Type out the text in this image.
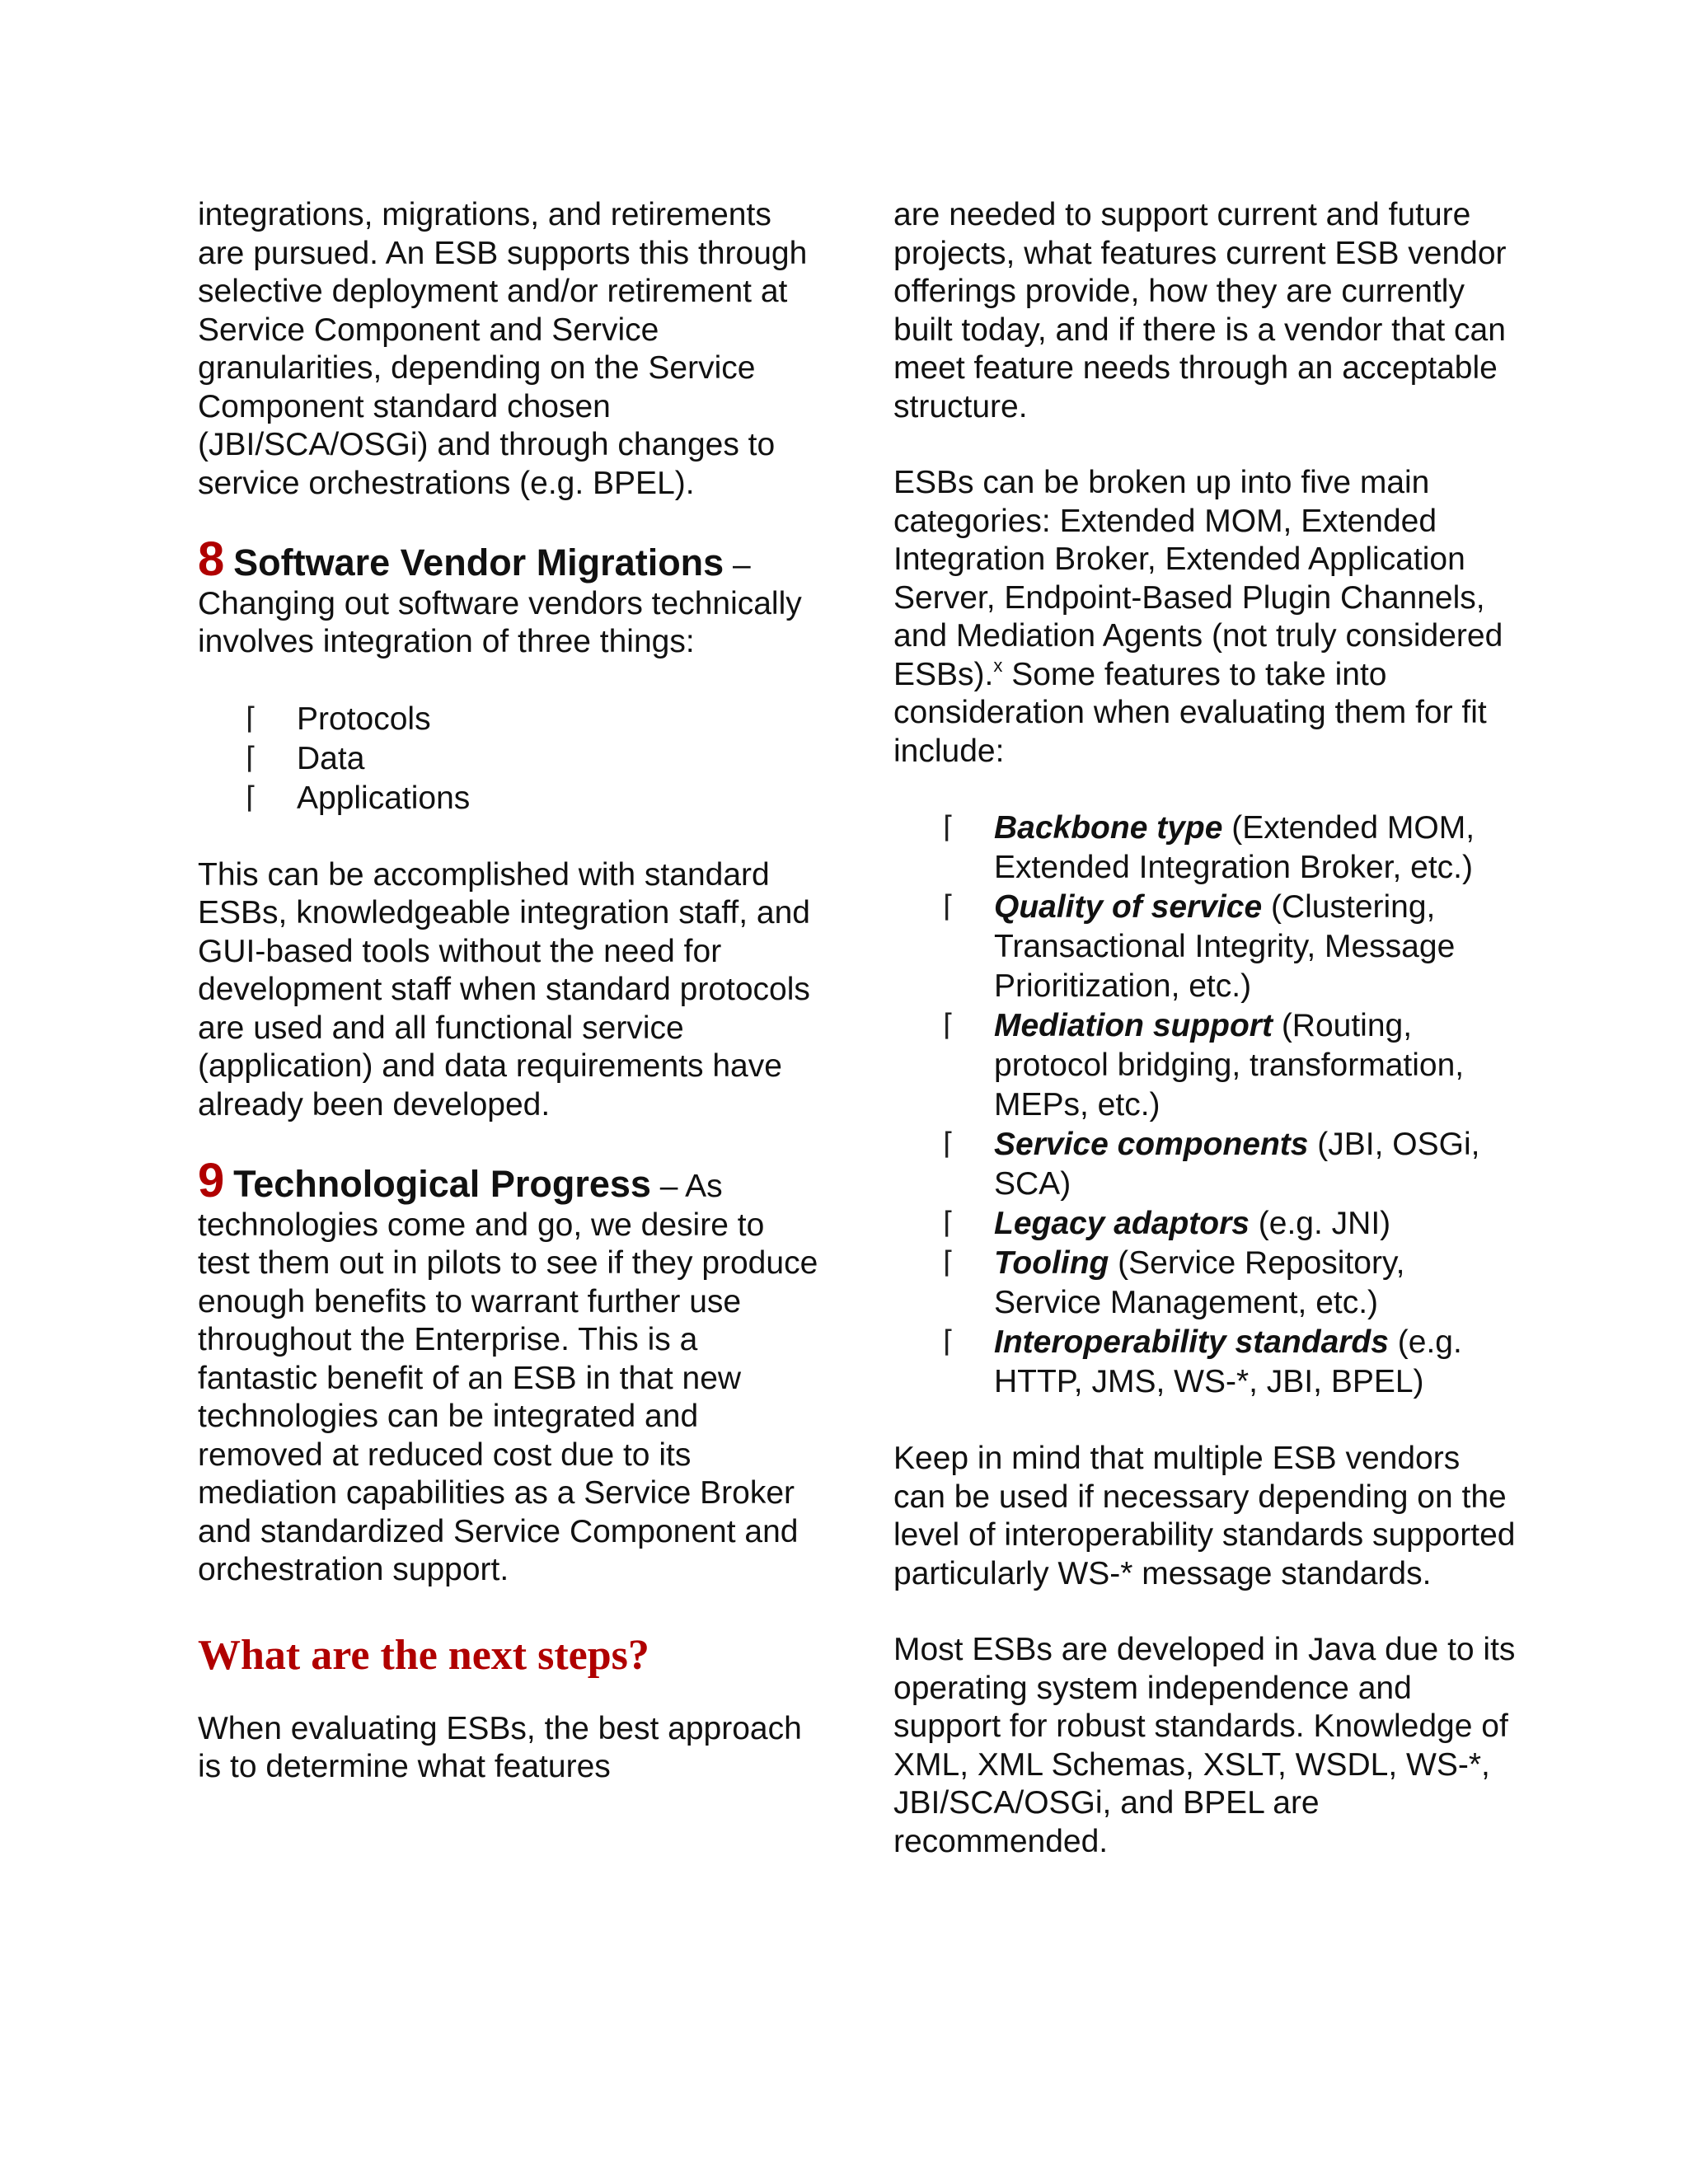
integrations, migrations, and retirements are pursued. An ESB supports this through selective deployment and/or retirement at Service Component and Service granularities, depending on the Service Component standard chosen (JBI/SCA/OSGi) and through changes to service orchestrations (e.g. BPEL).

8 Software Vendor Migrations –

Changing out software vendors technically involves integration of three things:

⌈ Protocols
⌈ Data
⌈ Applications

This can be accomplished with standard ESBs, knowledgeable integration staff, and GUI-based tools without the need for development staff when standard protocols are used and all functional service (application) and data requirements have already been developed.

9 Technological Progress – As

technologies come and go, we desire to test them out in pilots to see if they produce enough benefits to warrant further use throughout the Enterprise. This is a fantastic benefit of an ESB in that new technologies can be integrated and removed at reduced cost due to its mediation capabilities as a Service Broker and standardized Service Component and orchestration support.

What are the next steps?

When evaluating ESBs, the best approach is to determine what features

are needed to support current and future projects, what features current ESB vendor offerings provide, how they are currently built today, and if there is a vendor that can meet feature needs through an acceptable structure.

ESBs can be broken up into five main categories: Extended MOM, Extended Integration Broker, Extended Application Server, Endpoint-Based Plugin Channels, and Mediation Agents (not truly considered ESBs).$^x$ Some features to take into consideration when evaluating them for fit include:

⌈ Backbone type (Extended MOM, Extended Integration Broker, etc.)
⌈ Quality of service (Clustering, Transactional Integrity, Message Prioritization, etc.)
⌈ Mediation support (Routing, protocol bridging, transformation, MEPs, etc.)
⌈ Service components (JBI, OSGi, SCA)
⌈ Legacy adaptors (e.g. JNI)
⌈ Tooling (Service Repository, Service Management, etc.)
⌈ Interoperability standards (e.g. HTTP, JMS, WS-*, JBI, BPEL)

Keep in mind that multiple ESB vendors can be used if necessary depending on the level of interoperability standards supported particularly WS-* message standards.

Most ESBs are developed in Java due to its operating system independence and support for robust standards. Knowledge of XML, XML Schemas, XSLT, WSDL, WS-*, JBI/SCA/OSGi, and BPEL are recommended.
